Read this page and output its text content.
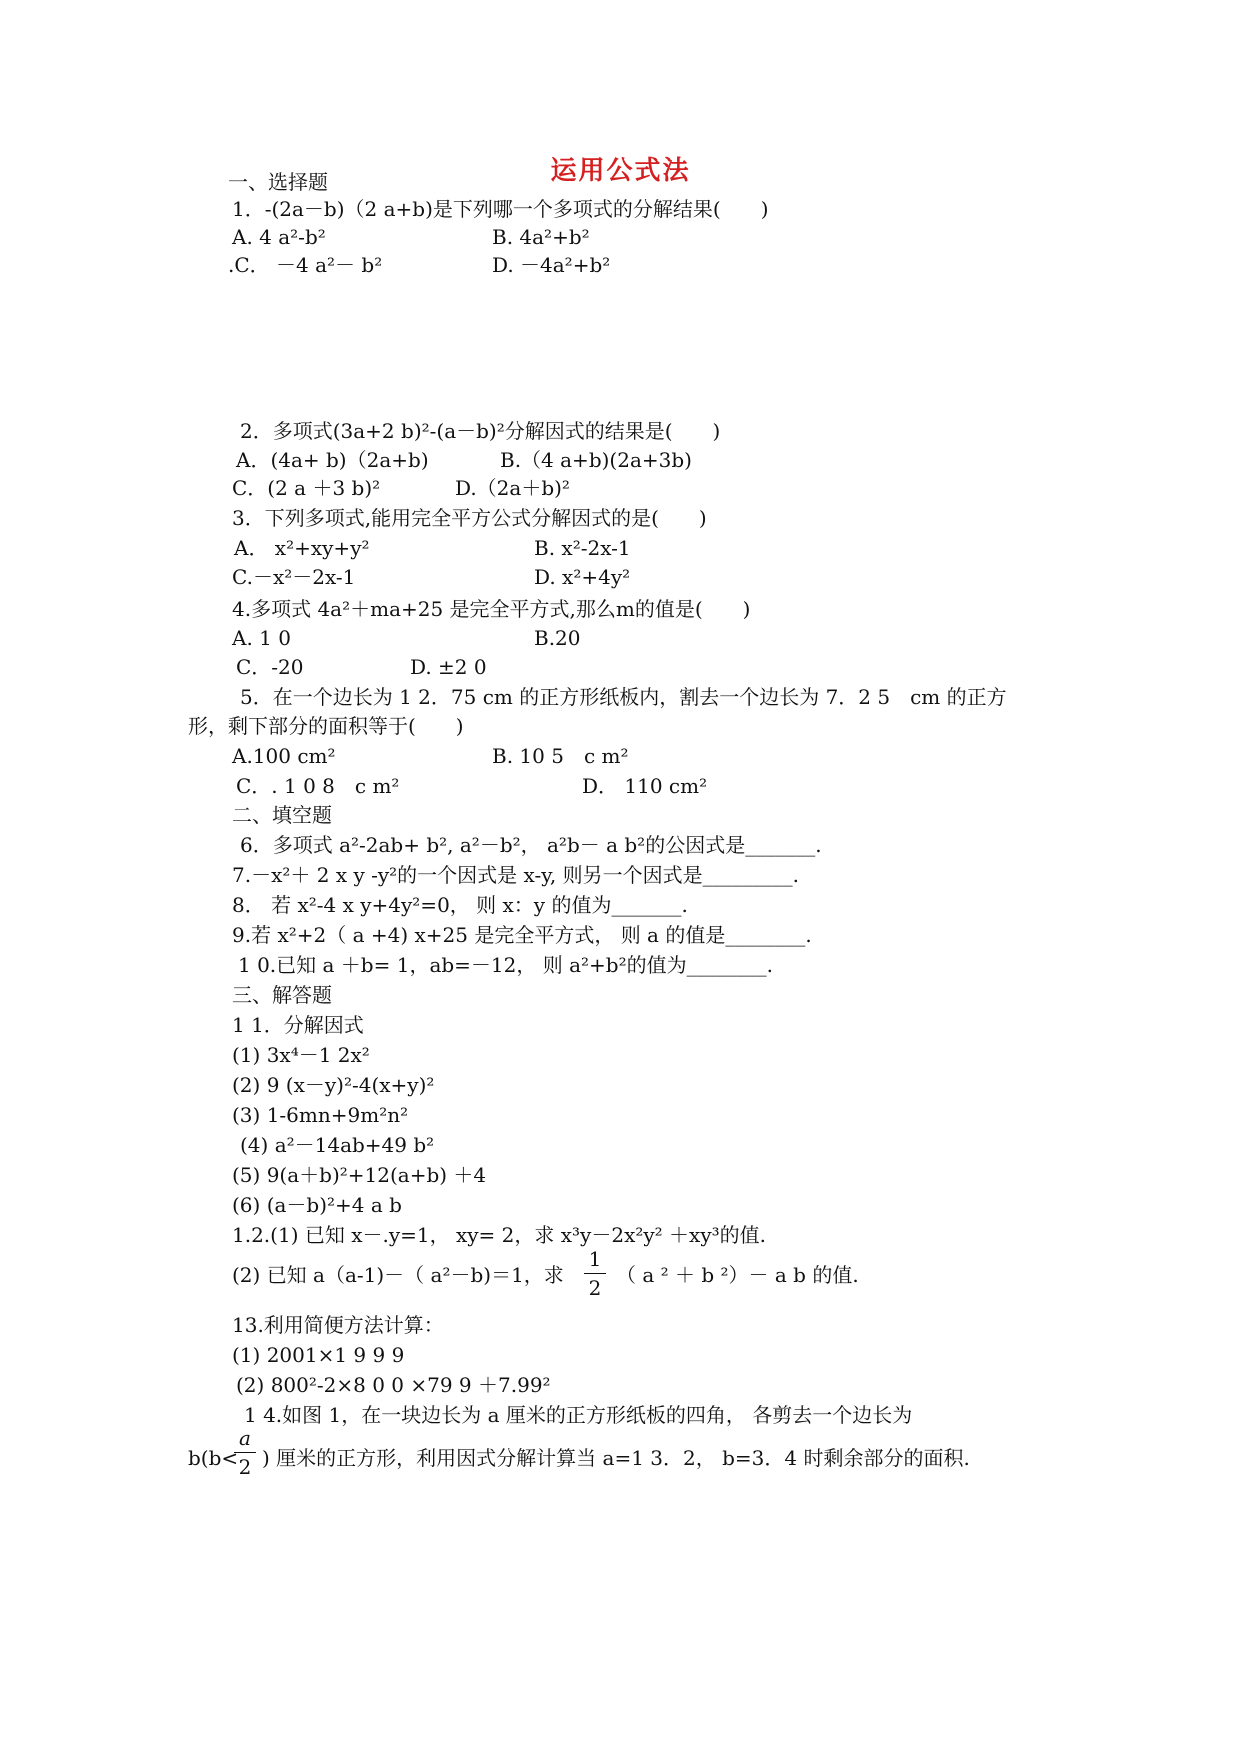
运用公式法
一、选择题
1．-(2a－b)（2 a+b)是下列哪一个多项式的分解结果(　　)
A. 4 a²-b²	B. 4a²+b²
.C． －4 a²－ b²	D. －4a²+b²
2．多项式(3a+2 b)²-(a－b)²分解因式的结果是(　　)
A．(4a+ b)（2a+b)	B.（4 a+b)(2a+3b)
C．(2 a ＋3 b)²	D.（2a＋b)²
3．下列多项式,能用完全平方公式分解因式的是(　　)
A． x²+xy+y²	B. x²-2x-1
C.－x²－2x-1	D. x²+4y²
4.多项式 4a²＋ma+25 是完全平方式,那么m的值是(　　)
A. 1 0	B.20
C．-20	D. ±2 0
5．在一个边长为 1 2．75 cm 的正方形纸板内，割去一个边长为 7．2 5　cm 的正方
形，剩下部分的面积等于(　　)
A.100 cm²	B. 10 5　c m²
C．. 1 0 8　c m²	D． 110 cm²
二、填空题
6．多项式 a²-2ab+ b², a²－b²， a²b－ a b²的公因式是_______.
7.－x²＋ 2 x y -y²的一个因式是 x-y, 则另一个因式是_________.
8． 若 x²-4 x y+4y²=0， 则 x：y 的值为_______.
9.若 x²+2（ a +4) x+25 是完全平方式， 则 a 的值是________.
1 0.已知 a ＋b= 1，ab=－12， 则 a²+b²的值为________.
三、解答题
1 1．分解因式
(1) 3x⁴－1 2x²
(2) 9 (x－y)²-4(x+y)²
(3) 1-6mn+9m²n²
(4) a²－14ab+49 b²
(5) 9(a＋b)²+12(a+b) ＋4
(6) (a－b)²+4 a b
1.2.(1) 已知 x－.y=1， xy= 2，求 x³y－2x²y² ＋xy³的值.
(2) 已知 a（a-1)－（ a²－b)＝1，求 $\frac{1}{2}$ （ a ² ＋ b ²）－ a b 的值.
13.利用简便方法计算：
(1) 2001×1 9 9 9
(2) 800²-2×8 0 0 ×79 9 ＋7.99²
1 4.如图 1，在一块边长为 a 厘米的正方形纸板的四角， 各剪去一个边长为
b(b<
$\frac{a}{2}$ ) 厘米的正方形，利用因式分解计算当 a=1 3．2， b=3．4 时剩余部分的面积.
